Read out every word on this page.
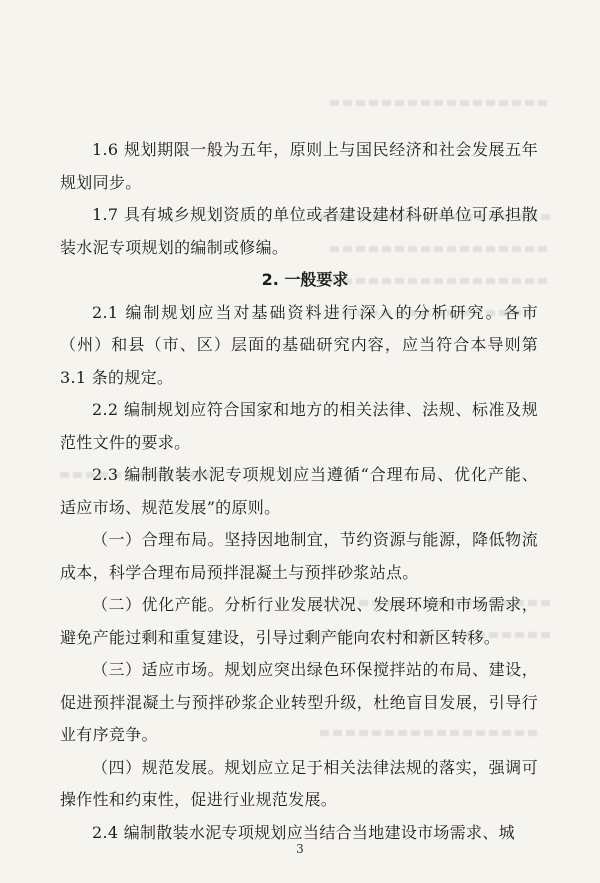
1.6 规划期限一般为五年，原则上与国民经济和社会发展五年规划同步。

1.7 具有城乡规划资质的单位或者建设建材科研单位可承担散装水泥专项规划的编制或修编。

2. 一般要求

2.1 编制规划应当对基础资料进行深入的分析研究。各市（州）和县（市、区）层面的基础研究内容，应当符合本导则第 3.1 条的规定。

2.2 编制规划应符合国家和地方的相关法律、法规、标准及规范性文件的要求。

2.3 编制散装水泥专项规划应当遵循“合理布局、优化产能、适应市场、规范发展”的原则。

（一）合理布局。坚持因地制宜，节约资源与能源，降低物流成本，科学合理布局预拌混凝土与预拌砂浆站点。

（二）优化产能。分析行业发展状况、发展环境和市场需求，避免产能过剩和重复建设，引导过剩产能向农村和新区转移。

（三）适应市场。规划应突出绿色环保搅拌站的布局、建设，促进预拌混凝土与预拌砂浆企业转型升级，杜绝盲目发展，引导行业有序竞争。

（四）规范发展。规划应立足于相关法律法规的落实，强调可操作性和约束性，促进行业规范发展。

2.4 编制散装水泥专项规划应当结合当地建设市场需求、城

3
